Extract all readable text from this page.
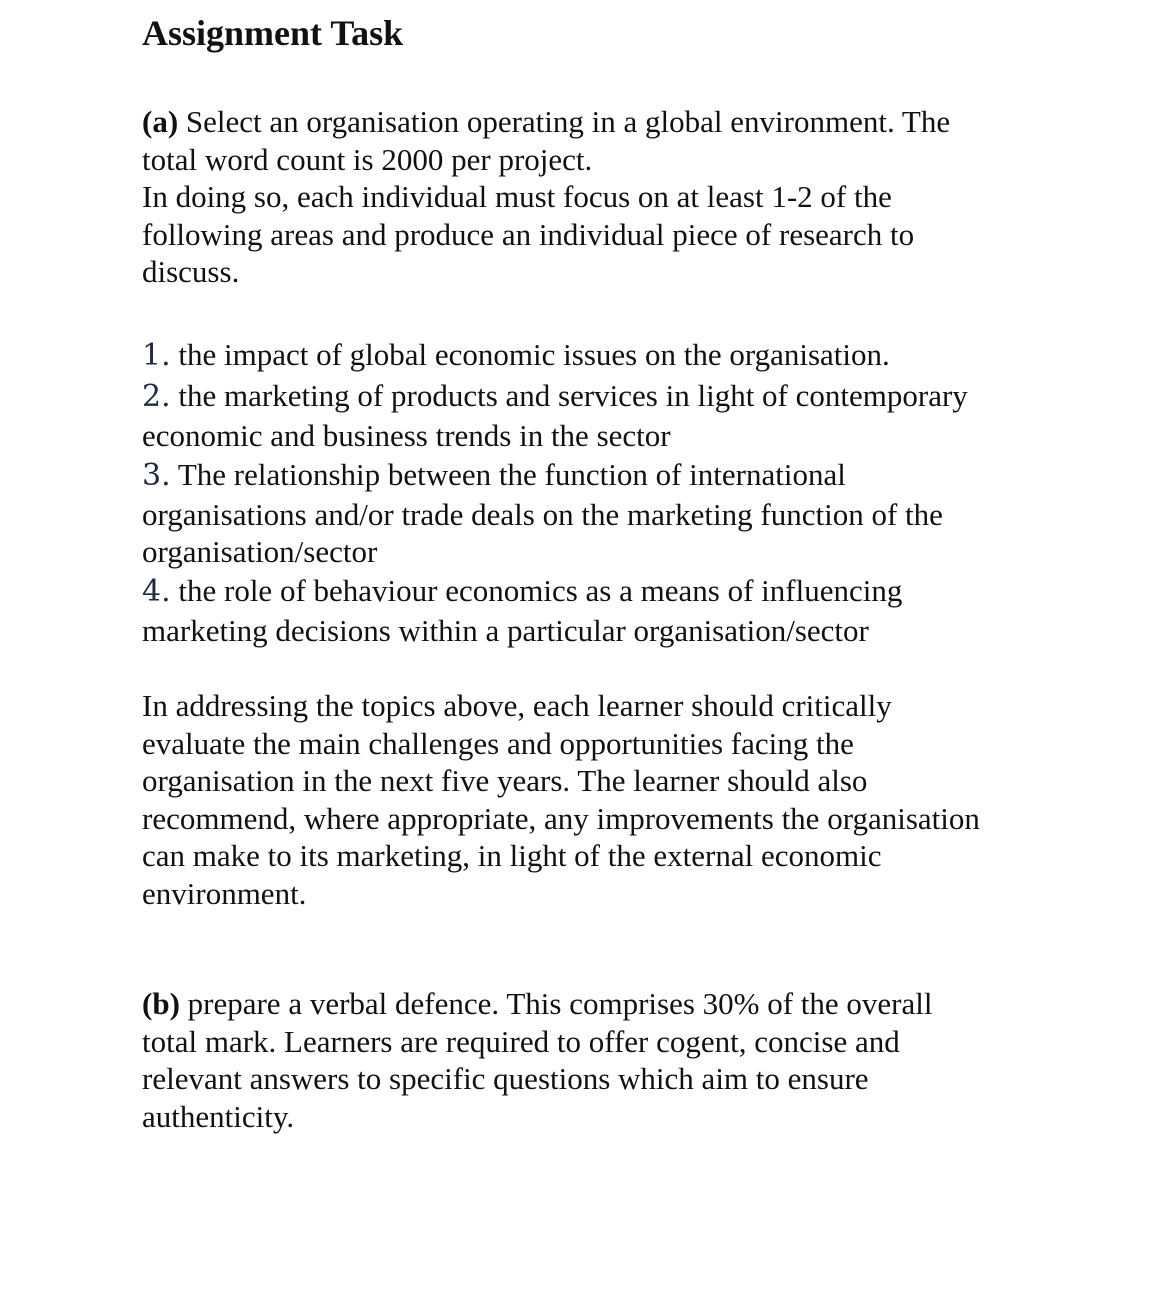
Assignment Task

(a) Select an organisation operating in a global environment. The
total word count is 2000 per project.
In doing so, each individual must focus on at least 1-2 of the
following areas and produce an individual piece of research to
discuss.

1. the impact of global economic issues on the organisation.
2. the marketing of products and services in light of contemporary
economic and business trends in the sector
3. The relationship between the function of international
organisations and/or trade deals on the marketing function of the
organisation/sector
4. the role of behaviour economics as a means of influencing
marketing decisions within a particular organisation/sector

In addressing the topics above, each learner should critically
evaluate the main challenges and opportunities facing the
organisation in the next five years. The learner should also
recommend, where appropriate, any improvements the organisation
can make to its marketing, in light of the external economic
environment.

(b) prepare a verbal defence. This comprises 30% of the overall
total mark. Learners are required to offer cogent, concise and
relevant answers to specific questions which aim to ensure
authenticity.
